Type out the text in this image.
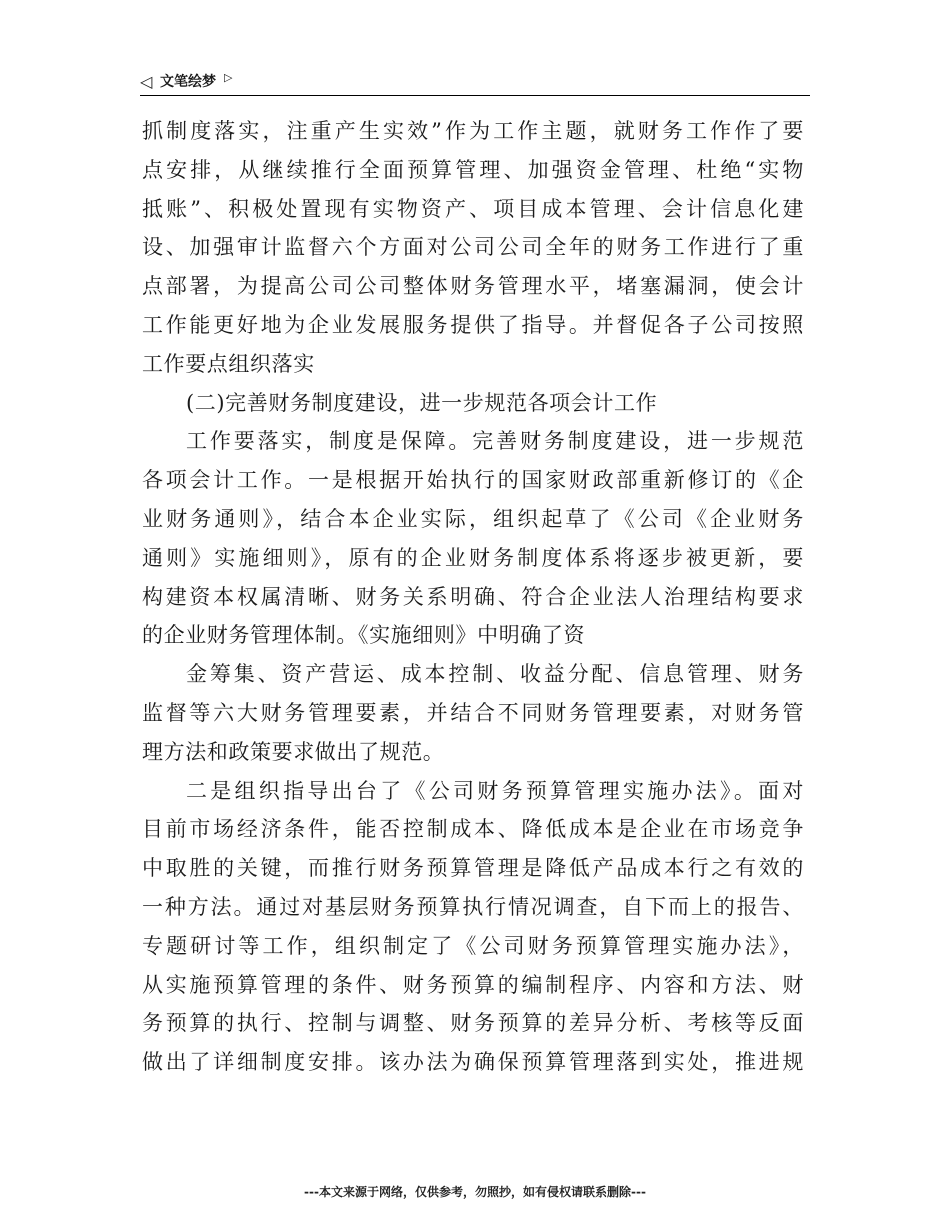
◁ 文笔绘梦 ▷
抓制度落实，注重产生实效”作为工作主题，就财务工作作了要
点安排，从继续推行全面预算管理、加强资金管理、杜绝“实物
抵账”、积极处置现有实物资产、项目成本管理、会计信息化建
设、加强审计监督六个方面对公司公司全年的财务工作进行了重
点部署，为提高公司公司整体财务管理水平，堵塞漏洞，使会计
工作能更好地为企业发展服务提供了指导。并督促各子公司按照
工作要点组织落实
(二)完善财务制度建设，进一步规范各项会计工作
工作要落实，制度是保障。完善财务制度建设，进一步规范
各项会计工作。一是根据开始执行的国家财政部重新修订的《企
业财务通则》，结合本企业实际，组织起草了《公司《企业财务
通则》实施细则》，原有的企业财务制度体系将逐步被更新，要
构建资本权属清晰、财务关系明确、符合企业法人治理结构要求
的企业财务管理体制。《实施细则》中明确了资
金筹集、资产营运、成本控制、收益分配、信息管理、财务
监督等六大财务管理要素，并结合不同财务管理要素，对财务管
理方法和政策要求做出了规范。
二是组织指导出台了《公司财务预算管理实施办法》。面对
目前市场经济条件，能否控制成本、降低成本是企业在市场竞争
中取胜的关键，而推行财务预算管理是降低产品成本行之有效的
一种方法。通过对基层财务预算执行情况调查，自下而上的报告、
专题研讨等工作，组织制定了《公司财务预算管理实施办法》，
从实施预算管理的条件、财务预算的编制程序、内容和方法、财
务预算的执行、控制与调整、财务预算的差异分析、考核等反面
做出了详细制度安排。该办法为确保预算管理落到实处，推进规
---本文来源于网络，仅供参考，勿照抄，如有侵权请联系删除---
